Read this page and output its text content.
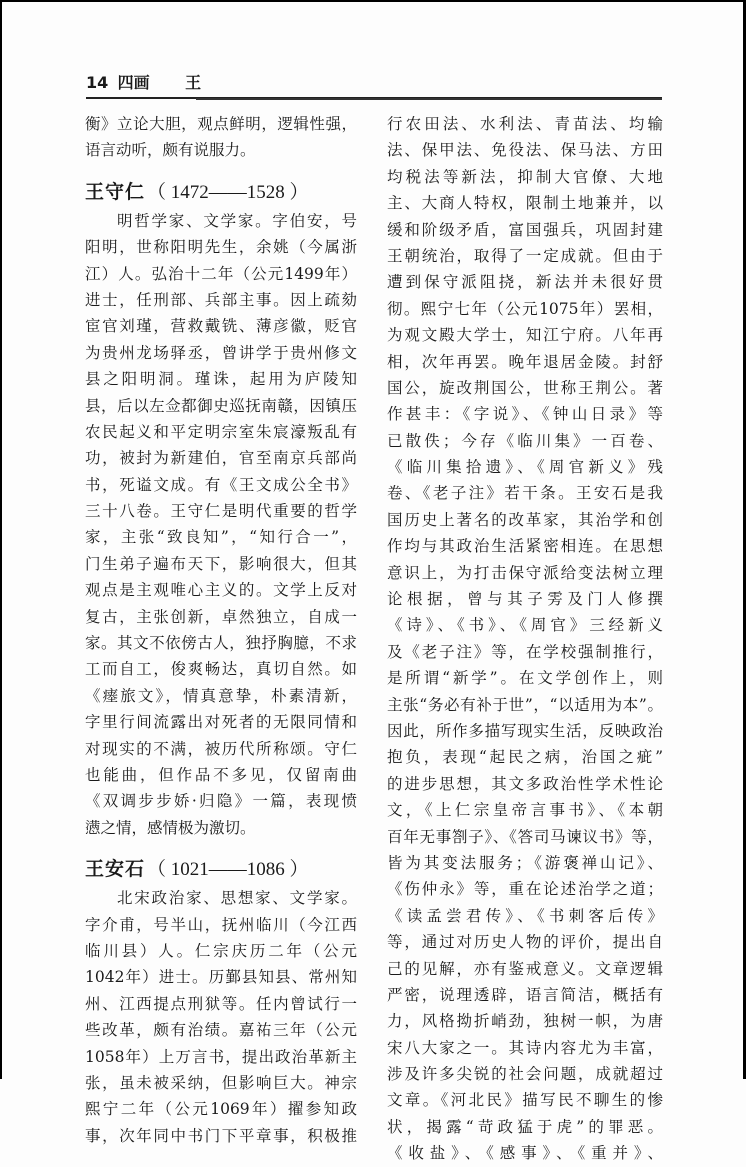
14 四画 王
衡》立论大胆，观点鲜明，逻辑性强，
语言动听，颇有说服力。
王守仁 （ 1472——1528 ）
明哲学家、文学家。字伯安，号
阳明，世称阳明先生，余姚（今属浙
江）人。弘治十二年（公元1499年）
进士，任刑部、兵部主事。因上疏劾
宦官刘瑾，营救戴铣、薄彦徽，贬官
为贵州龙场驿丞，曾讲学于贵州修文
县之阳明洞。瑾诛，起用为庐陵知
县，后以左佥都御史巡抚南赣，因镇压
农民起义和平定明宗室朱宸濠叛乱有
功，被封为新建伯，官至南京兵部尚
书，死谥文成。有《王文成公全书》
三十八卷。王守仁是明代重要的哲学
家，主张“致良知”，“知行合一”，
门生弟子遍布天下，影响很大，但其
观点是主观唯心主义的。文学上反对
复古，主张创新，卓然独立，自成一
家。其文不依傍古人，独抒胸臆，不求
工而自工，俊爽畅达，真切自然。如
《瘗旅文》，情真意挚，朴素清新，
字里行间流露出对死者的无限同情和
对现实的不满，被历代所称颂。守仁
也能曲，但作品不多见，仅留南曲
《双调步步娇·归隐》一篇，表现愤
懑之情，感情极为激切。
王安石 （ 1021——1086 ）
北宋政治家、思想家、文学家。
字介甫，号半山，抚州临川（今江西
临川县）人。仁宗庆历二年（公元
1042年）进士。历鄞县知县、常州知
州、江西提点刑狱等。任内曾试行一
些改革，颇有治绩。嘉祐三年（公元
1058年）上万言书，提出政治革新主
张，虽未被采纳，但影响巨大。神宗
熙宁二年（公元1069年）擢参知政
事，次年同中书门下平章事，积极推
行农田法、水利法、青苗法、均输
法、保甲法、免役法、保马法、方田
均税法等新法，抑制大官僚、大地
主、大商人特权，限制土地兼并，以
缓和阶级矛盾，富国强兵，巩固封建
王朝统治，取得了一定成就。但由于
遭到保守派阻挠，新法并未很好贯
彻。熙宁七年（公元1075年）罢相，
为观文殿大学士，知江宁府。八年再
相，次年再罢。晚年退居金陵。封舒
国公，旋改荆国公，世称王荆公。著
作甚丰：《字说》、《钟山日录》等
已散佚；今存《临川集》一百卷、
《临川集拾遗》、《周官新义》残
卷、《老子注》若干条。王安石是我
国历史上著名的改革家，其治学和创
作均与其政治生活紧密相连。在思想
意识上，为打击保守派给变法树立理
论根据，曾与其子雱及门人修撰
《诗》、《书》、《周官》三经新义
及《老子注》等，在学校强制推行，
是所谓“新学”。在文学创作上，则
主张“务必有补于世”，“以适用为本”。
因此，所作多描写现实生活，反映政治
抱负，表现“起民之病，治国之疵”
的进步思想，其文多政治性学术性论
文，《上仁宗皇帝言事书》、《本朝
百年无事劄子》、《答司马谏议书》等，
皆为其变法服务；《游褒禅山记》、
《伤仲永》等，重在论述治学之道；
《读孟尝君传》、《书刺客后传》
等，通过对历史人物的评价，提出自
己的见解，亦有鉴戒意义。文章逻辑
严密，说理透辟，语言简洁，概括有
力，风格拗折峭劲，独树一帜，为唐
宋八大家之一。其诗内容尤为丰富，
涉及许多尖锐的社会问题，成就超过
文章。《河北民》描写民不聊生的惨
状，揭露“苛政猛于虎”的罪恶。
《收盐》、《感事》、《重并》、
